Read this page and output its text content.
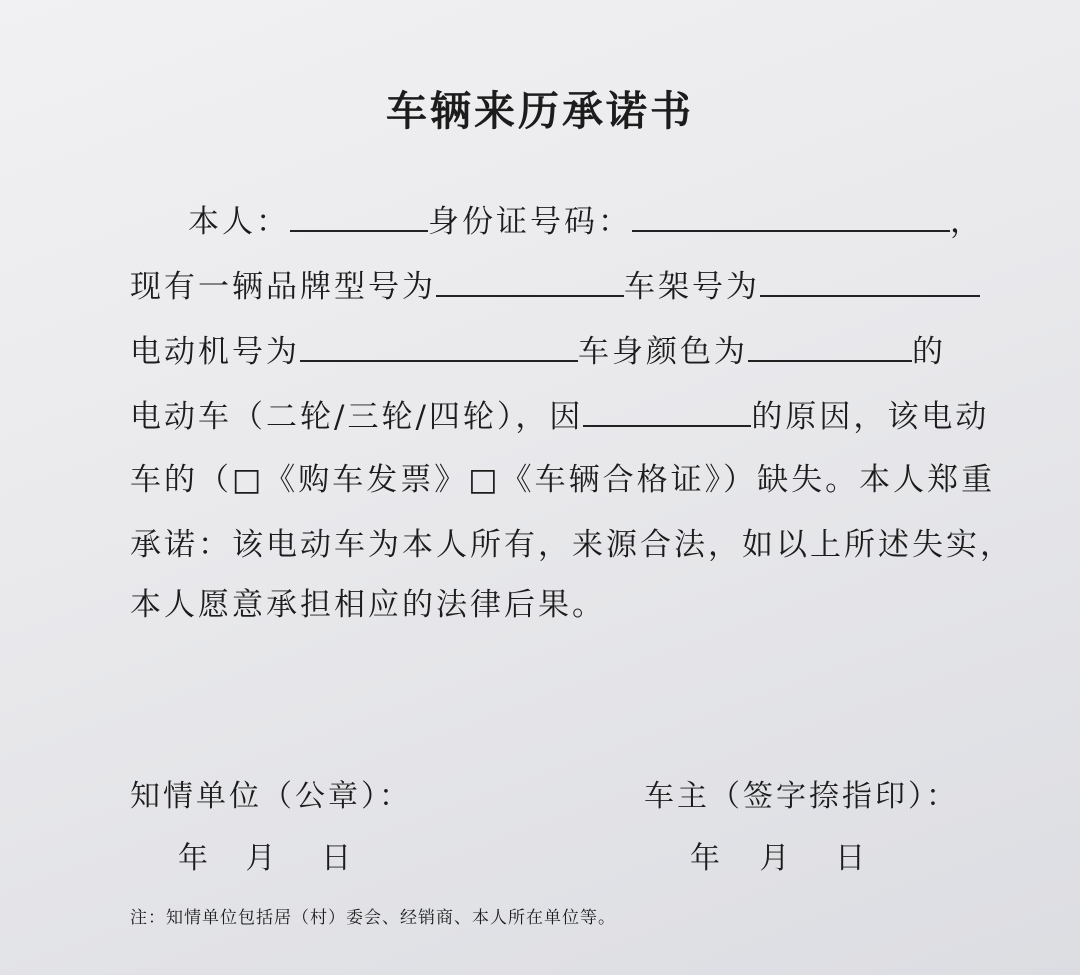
车辆来历承诺书
本人：	身份证号码：	，
现有一辆品牌型号为	车架号为
电动机号为	车身颜色为	的
电动车（二轮/三轮/四轮），因	的原因，该电动
车的（□《购车发票》□《车辆合格证》）缺失。本人郑重
承诺：该电动车为本人所有，来源合法，如以上所述失实，
本人愿意承担相应的法律后果。
知情单位（公章）：	车主（签字捺指印）：
年 月 日	年 月 日
注：知情单位包括居（村）委会、经销商、本人所在单位等。
